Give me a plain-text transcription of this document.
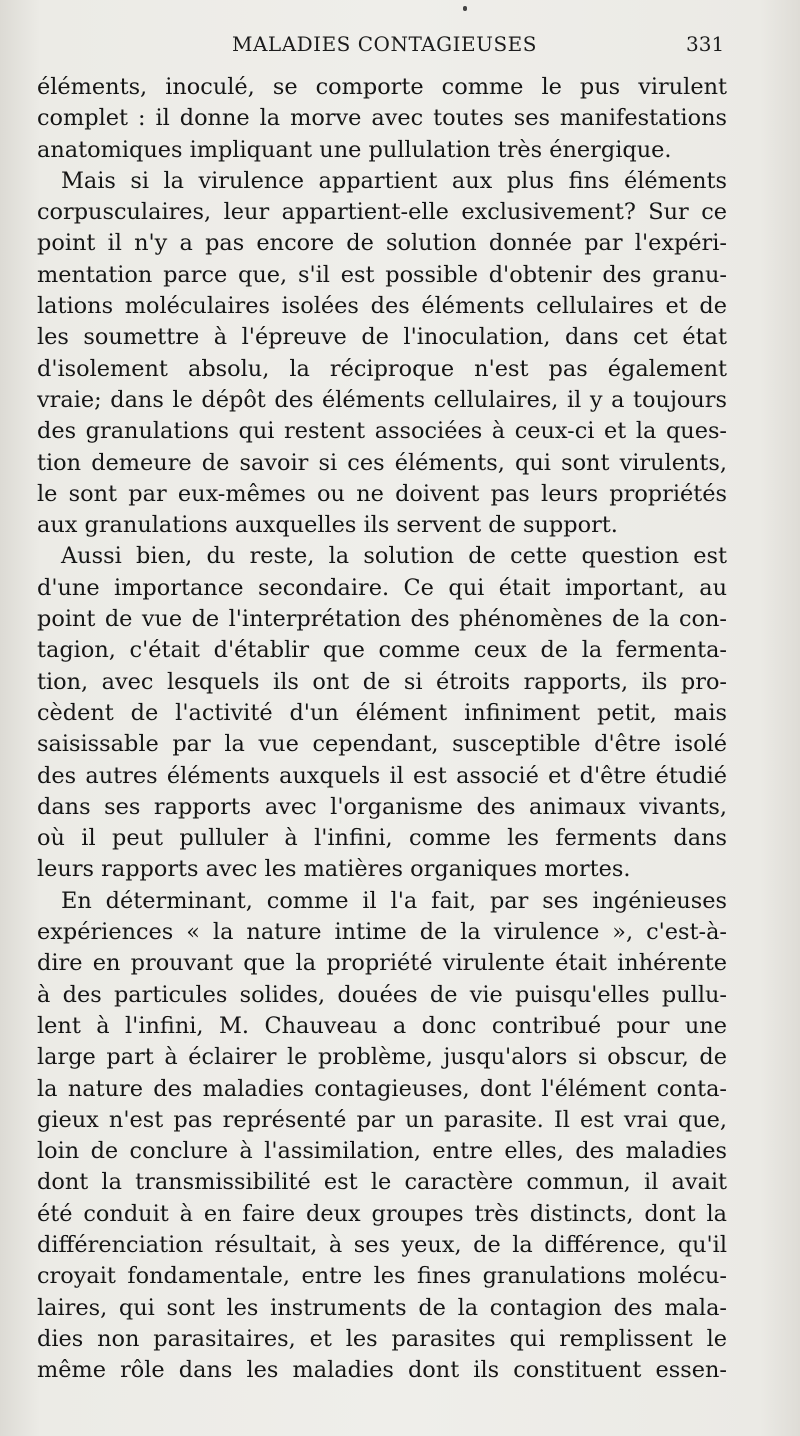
MALADIES CONTAGIEUSES	331
éléments, inoculé, se comporte comme le pus virulent
complet : il donne la morve avec toutes ses manifestations
anatomiques impliquant une pullulation très énergique.
Mais si la virulence appartient aux plus fins éléments
corpusculaires, leur appartient-elle exclusivement? Sur ce
point il n'y a pas encore de solution donnée par l'expéri-
mentation parce que, s'il est possible d'obtenir des granu-
lations moléculaires isolées des éléments cellulaires et de
les soumettre à l'épreuve de l'inoculation, dans cet état
d'isolement absolu, la réciproque n'est pas également
vraie; dans le dépôt des éléments cellulaires, il y a toujours
des granulations qui restent associées à ceux-ci et la ques-
tion demeure de savoir si ces éléments, qui sont virulents,
le sont par eux-mêmes ou ne doivent pas leurs propriétés
aux granulations auxquelles ils servent de support.
Aussi bien, du reste, la solution de cette question est
d'une importance secondaire. Ce qui était important, au
point de vue de l'interprétation des phénomènes de la con-
tagion, c'était d'établir que comme ceux de la fermenta-
tion, avec lesquels ils ont de si étroits rapports, ils pro-
cèdent de l'activité d'un élément infiniment petit, mais
saisissable par la vue cependant, susceptible d'être isolé
des autres éléments auxquels il est associé et d'être étudié
dans ses rapports avec l'organisme des animaux vivants,
où il peut pulluler à l'infini, comme les ferments dans
leurs rapports avec les matières organiques mortes.
En déterminant, comme il l'a fait, par ses ingénieuses
expériences « la nature intime de la virulence », c'est-à-
dire en prouvant que la propriété virulente était inhérente
à des particules solides, douées de vie puisqu'elles pullu-
lent à l'infini, M. Chauveau a donc contribué pour une
large part à éclairer le problème, jusqu'alors si obscur, de
la nature des maladies contagieuses, dont l'élément conta-
gieux n'est pas représenté par un parasite. Il est vrai que,
loin de conclure à l'assimilation, entre elles, des maladies
dont la transmissibilité est le caractère commun, il avait
été conduit à en faire deux groupes très distincts, dont la
différenciation résultait, à ses yeux, de la différence, qu'il
croyait fondamentale, entre les fines granulations molécu-
laires, qui sont les instruments de la contagion des mala-
dies non parasitaires, et les parasites qui remplissent le
même rôle dans les maladies dont ils constituent essen-
